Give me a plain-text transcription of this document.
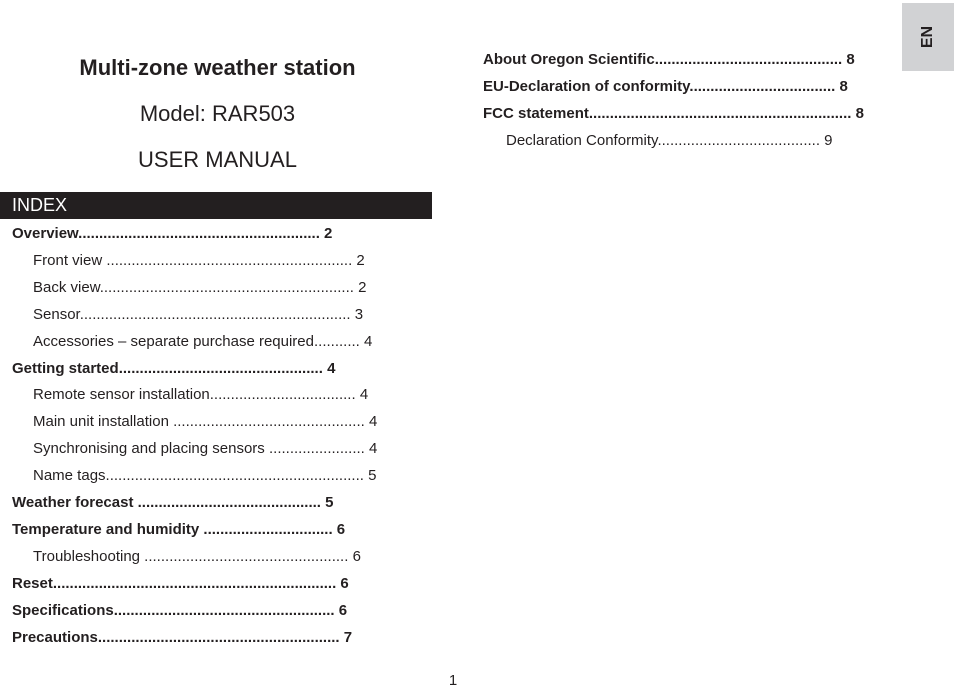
Multi-zone weather station
Model: RAR503
USER MANUAL
EN
INDEX
Overview.......................................................... 2
Front view ........................................................... 2
Back view............................................................. 2
Sensor................................................................. 3
Accessories – separate purchase required........... 4
Getting started................................................. 4
Remote sensor installation................................... 4
Main unit installation .............................................. 4
Synchronising and placing sensors ....................... 4
Name tags.............................................................. 5
Weather forecast ............................................ 5
Temperature and humidity ............................... 6
Troubleshooting ................................................. 6
Reset.................................................................... 6
Specifications..................................................... 6
Precautions.......................................................... 7
About Oregon Scientific............................................. 8
EU-Declaration of conformity................................... 8
FCC statement............................................................... 8
Declaration Conformity....................................... 9
1
